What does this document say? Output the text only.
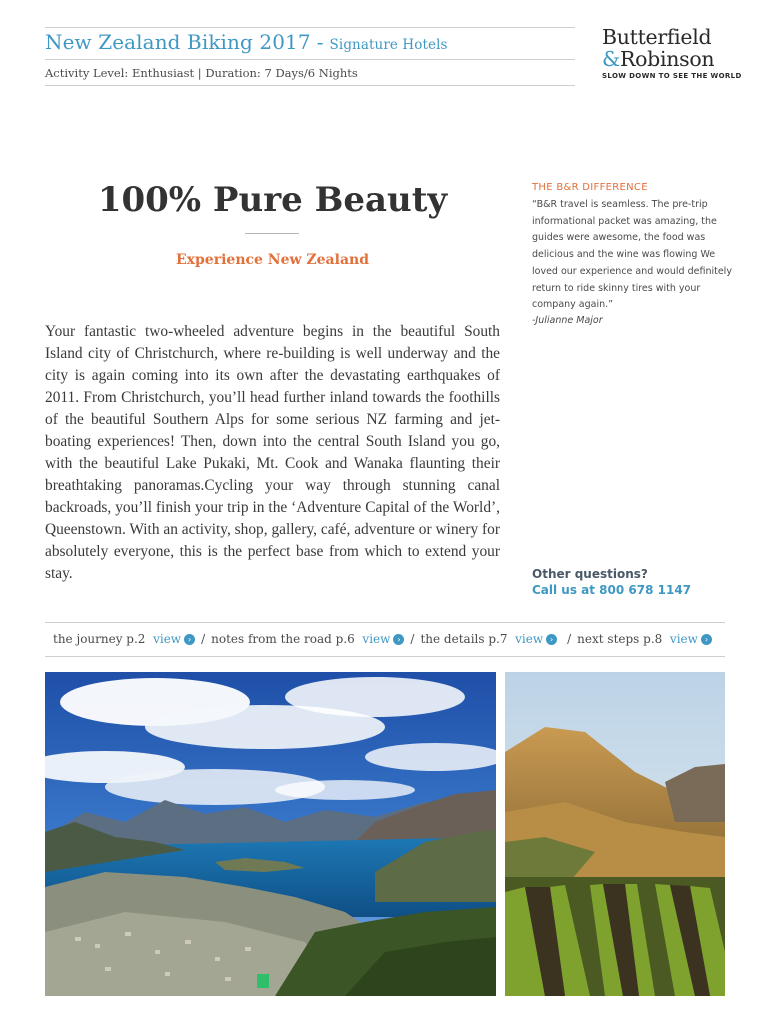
New Zealand Biking 2017 - Signature Hotels
Activity Level: Enthusiast | Duration: 7 Days/6 Nights
Butterfield
&Robinson
SLOW DOWN TO SEE THE WORLD
100% Pure Beauty
Experience New Zealand

Your fantastic two-wheeled adventure begins in the beautiful South Island city of Christchurch, where re-building is well underway and the city is again coming into its own after the devastating earthquakes of 2011. From Christchurch, you’ll head further inland towards the foothills of the beautiful Southern Alps for some serious NZ farming and jet-boating experiences! Then, down into the central South Island you go, with the beautiful Lake Pukaki, Mt. Cook and Wanaka flaunting their breathtaking panoramas.Cycling your way through stunning canal backroads, you’ll finish your trip in the ‘Adventure Capital of the World’, Queenstown. With an activity, shop, gallery, café, adventure or winery for absolutely everyone, this is the perfect base from which to extend your stay.

THE B&R DIFFERENCE
“B&R travel is seamless. The pre-trip informational packet was amazing, the guides were awesome, the food was delicious and the wine was flowing We loved our experience and would definitely return to ride skinny tires with your company again.”
-Julianne Major
Other questions?
Call us at 800 678 1147
the journey p.2 view › / notes from the road p.6 view › / the details p.7 view › / next steps p.8 view ›
